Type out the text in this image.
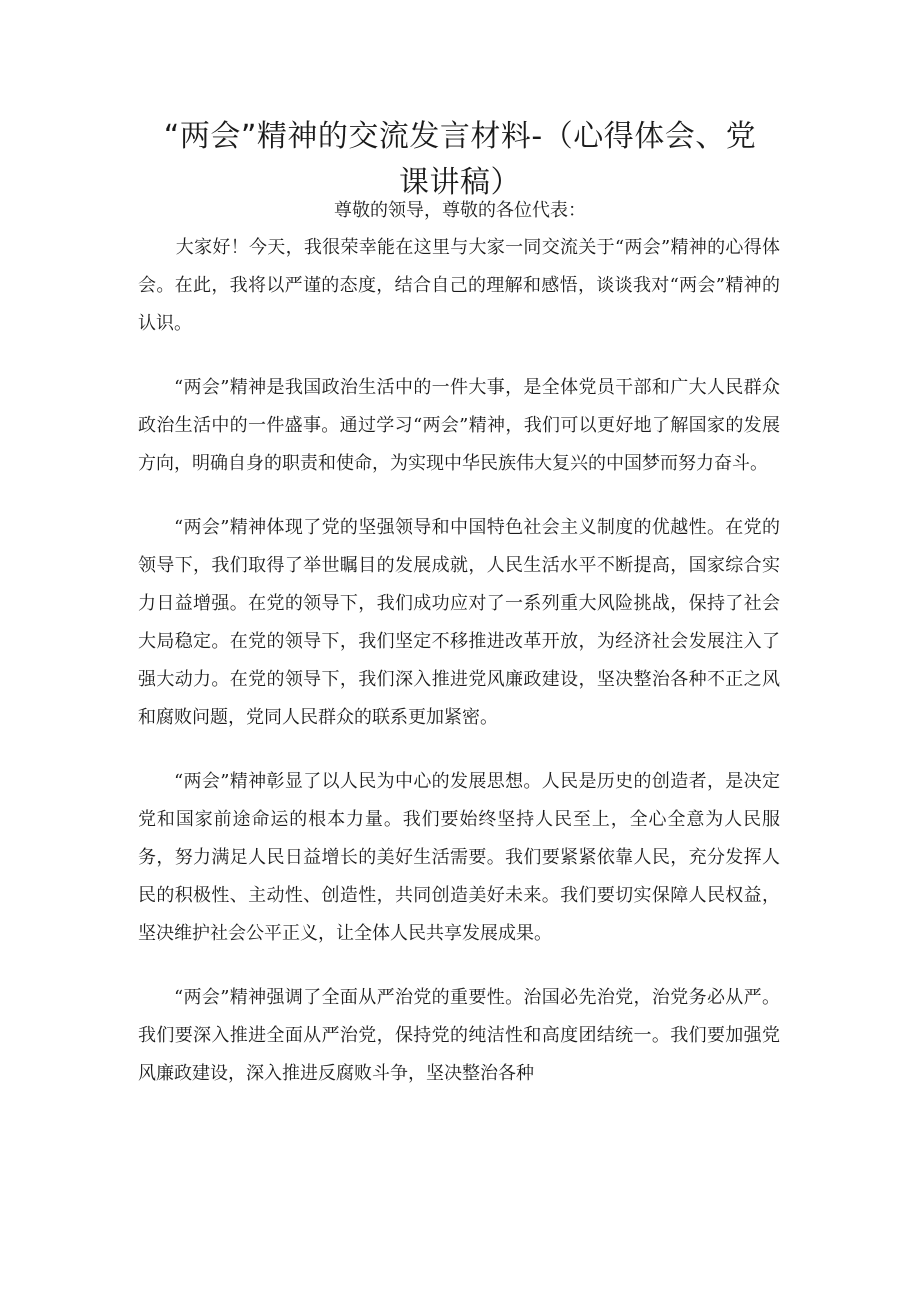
“两会”精神的交流发言材料-（心得体会、党课讲稿）
尊敬的领导，尊敬的各位代表：

大家好！今天，我很荣幸能在这里与大家一同交流关于“两会”精神的心得体会。在此，我将以严谨的态度，结合自己的理解和感悟，谈谈我对“两会”精神的认识。

“两会”精神是我国政治生活中的一件大事，是全体党员干部和广大人民群众政治生活中的一件盛事。通过学习“两会”精神，我们可以更好地了解国家的发展方向，明确自身的职责和使命，为实现中华民族伟大复兴的中国梦而努力奋斗。

“两会”精神体现了党的坚强领导和中国特色社会主义制度的优越性。在党的领导下，我们取得了举世瞩目的发展成就，人民生活水平不断提高，国家综合实力日益增强。在党的领导下，我们成功应对了一系列重大风险挑战，保持了社会大局稳定。在党的领导下，我们坚定不移推进改革开放，为经济社会发展注入了强大动力。在党的领导下，我们深入推进党风廉政建设，坚决整治各种不正之风和腐败问题，党同人民群众的联系更加紧密。

“两会”精神彰显了以人民为中心的发展思想。人民是历史的创造者，是决定党和国家前途命运的根本力量。我们要始终坚持人民至上，全心全意为人民服务，努力满足人民日益增长的美好生活需要。我们要紧紧依靠人民，充分发挥人民的积极性、主动性、创造性，共同创造美好未来。我们要切实保障人民权益，坚决维护社会公平正义，让全体人民共享发展成果。

“两会”精神强调了全面从严治党的重要性。治国必先治党，治党务必从严。我们要深入推进全面从严治党，保持党的纯洁性和高度团结统一。我们要加强党风廉政建设，深入推进反腐败斗争，坚决整治各种
